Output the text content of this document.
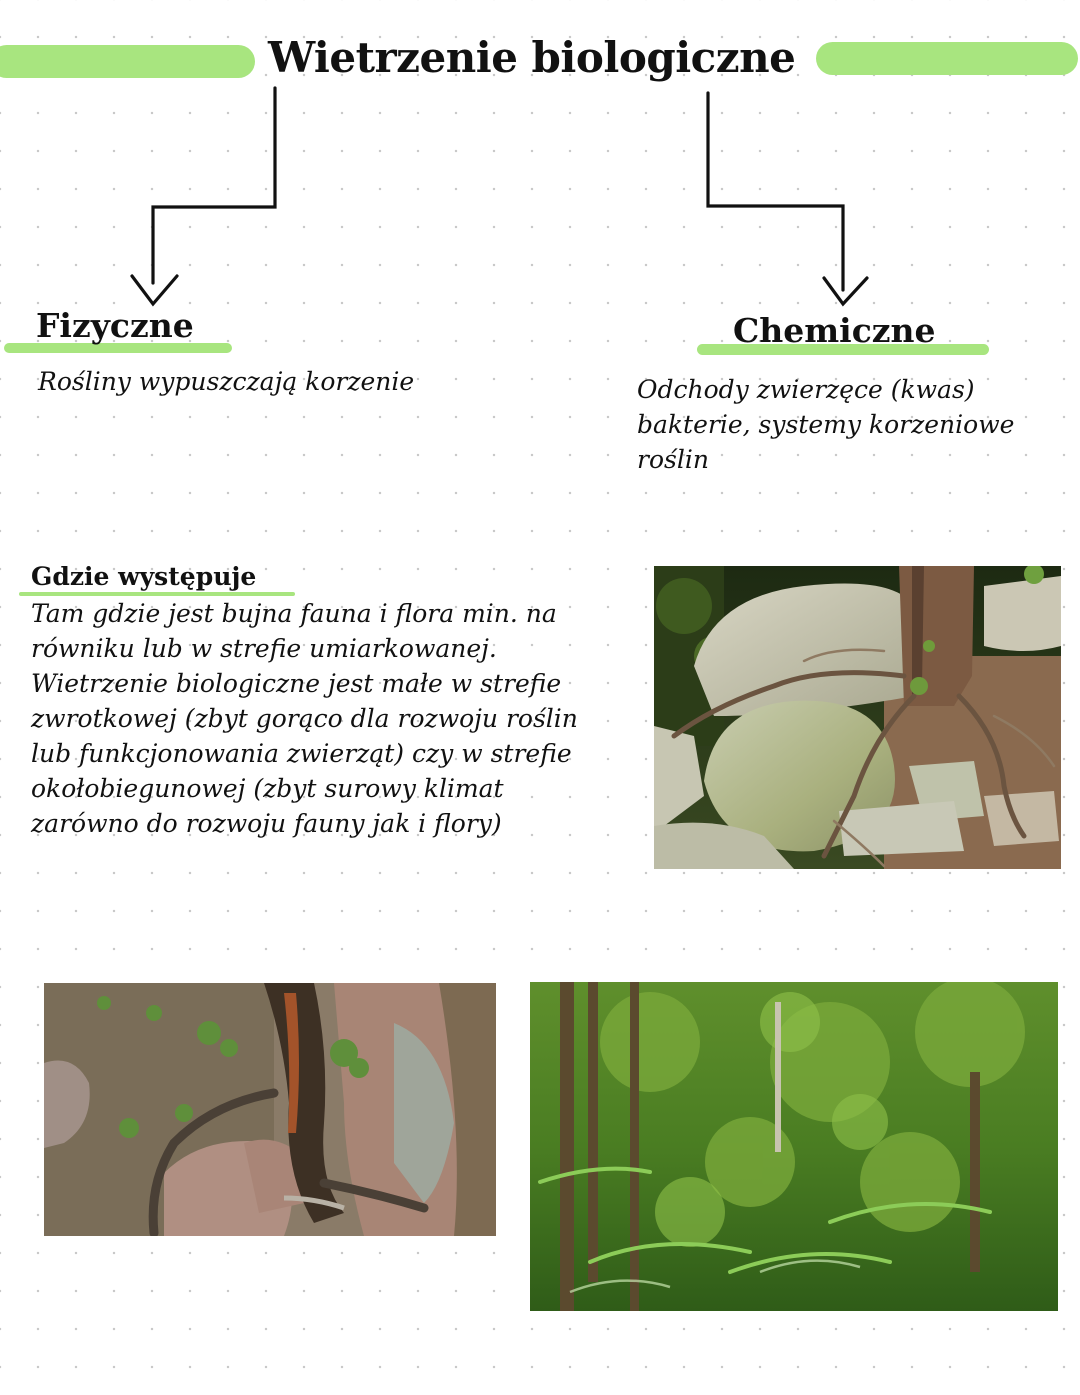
Wietrzenie biologiczne
Fizyczne
Rośliny wypuszczają korzenie
Chemiczne
Odchody zwierzęce (kwas)
bakterie, systemy korzeniowe
roślin
Gdzie występuje
Tam gdzie jest bujna fauna i flora min. na
równiku lub w strefie umiarkowanej.
Wietrzenie biologiczne jest małe w strefie
zwrotkowej (zbyt gorąco dla rozwoju roślin
lub funkcjonowania zwierząt) czy w strefie
okołobiegunowej (zbyt surowy klimat
zarówno do rozwoju fauny jak i flory)
